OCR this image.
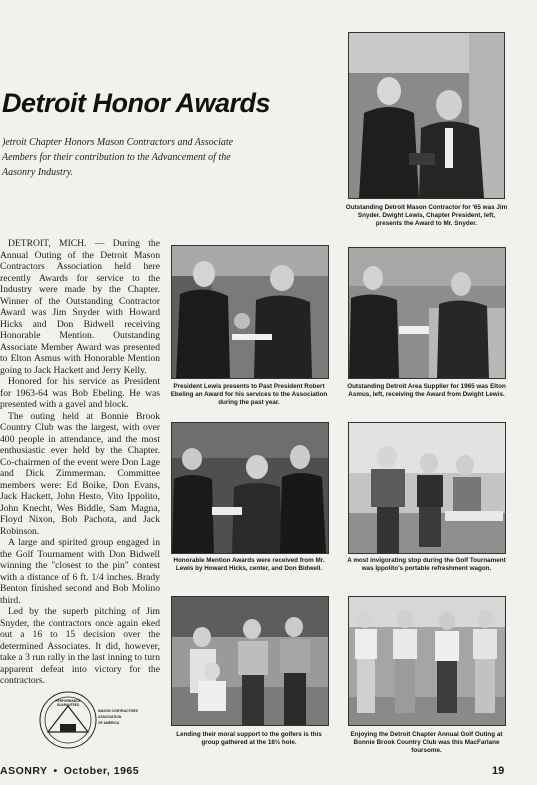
Outstanding Detroit Mason Contractor for '65 was Jim Snyder. Dwight Lewis, Chapter President, left, presents the Award to Mr. Snyder.
Detroit Honor Awards
)etroit Chapter Honors Mason Contractors and Associate Aembers for their contribution to the Advancement of the Aasonry Industry.

DETROIT, MICH. — During the Annual Outing of the Detroit Mason Contractors Association held here recently Awards for service to the Industry were made by the Chapter. Winner of the Outstanding Contractor Award was Jim Snyder with Howard Hicks and Don Bidwell receiving Honorable Mention. Outstanding Associate Member Award was presented to Elton Asmus with Honorable Mention going to Jack Hackett and Jerry Kelly.

Honored for his service as President for 1963-64 was Bob Ebeling. He was presented with a gavel and block.

The outing held at Bonnie Brook Country Club was the largest, with over 400 people in attendance, and the most enthusiastic ever held by the Chapter. Co-chairmen of the event were Don Lage and Dick Zimmerman. Committee members were: Ed Boike, Don Evans, Jack Hackett, John Hesto, Vito Ippolito, John Knecht, Wes Biddle, Sam Magna, Floyd Nixon, Bob Pachota, and Jack Robinson.

A large and spirited group engaged in the Golf Tournament with Don Bidwell winning the "closest to the pin" contest with a distance of 6 ft. 1/4 inches. Brady Benton finished second and Bob Molino third.

Led by the superb pitching of Jim Snyder, the contractors once again eked out a 16 to 15 decision over the determined Associates. It did, however, take a 3 run rally in the last inning to turn apparent defeat into victory for the contractors.

President Lewis presents to Past President Robert Ebeling an Award for his services to the Association during the past year.
Honorable Mention Awards were received from Mr. Lewis by Howard Hicks, center, and Don Bidwell.
Lending their moral support to the golfers is this group gathered at the 18½ hole.
Outstanding Detroit Area Supplier for 1965 was Elton Asmus, left, receiving the Award from Dwight Lewis.
A most invigorating stop during the Golf Tournament was Ippolito's portable refreshment wagon.
Enjoying the Detroit Chapter Annual Golf Outing at Bonnie Brook Country Club was this MacFarlane foursome.
PERFORMANCE
GUARANTEED
MASON CONTRACTORS
ASSOCIATION
OF AMERICA
ASONRY • October, 1965	19
